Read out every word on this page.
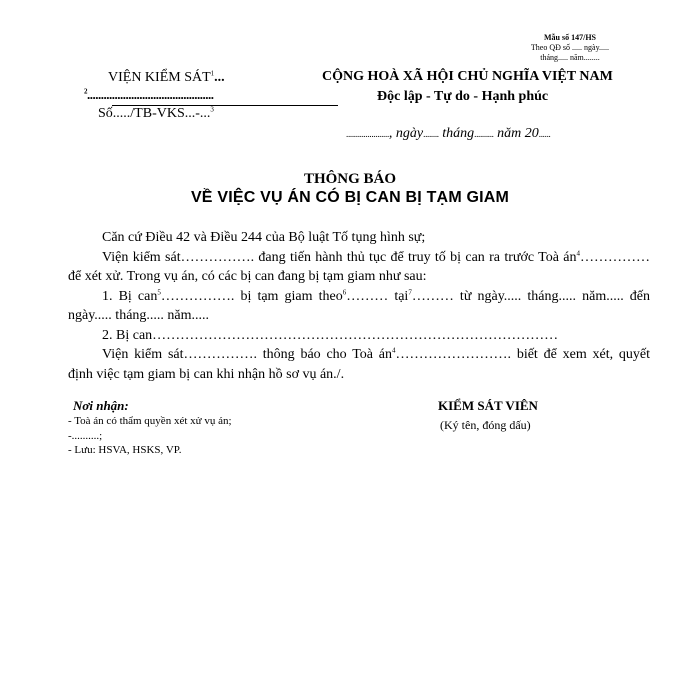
Mẫu số 147/HS
Theo QĐ số ..... ngày.....
tháng..... năm........
VIỆN KIỂM SÁT$^1$...
$^2$..............................................
Số...../TB-VKS...-...$^3$
CỘNG HOÀ XÃ HỘI CHỦ NGHĨA VIỆT NAM
Độc lập - Tự do - Hạnh phúc
......................, ngày........ tháng.......... năm 20......
THÔNG BÁO
VỀ VIỆC VỤ ÁN CÓ BỊ CAN BỊ TẠM GIAM

Căn cứ Điều 42 và Điều 244 của Bộ luật Tố tụng hình sự;

Viện kiểm sát……………. đang tiến hành thủ tục để truy tố bị can ra trước Toà $án^4\dots\dots\dots\dots\dots$ để xét xử. Trong vụ án, có các bị can đang bị tạm giam như sau:

1. Bị can$^5$……………. bị tạm giam theo$^6$……… tại$^7$……… từ ngày..... tháng..... năm..... đến ngày..... tháng..... năm.....

2. Bị can……………………………………………………………………………

Viện kiểm sát……………. thông báo cho Toà $án^4\dots\dots\dots\dots\dots\dots\dots\dots$. biết để xem xét, quyết định việc tạm giam bị can khi nhận hồ sơ vụ án./.

Nơi nhận:
- Toà án có thẩm quyền xét xử vụ án;
-..........;
- Lưu: HSVA, HSKS, VP.
KIỂM SÁT VIÊN
(Ký tên, đóng dấu)
